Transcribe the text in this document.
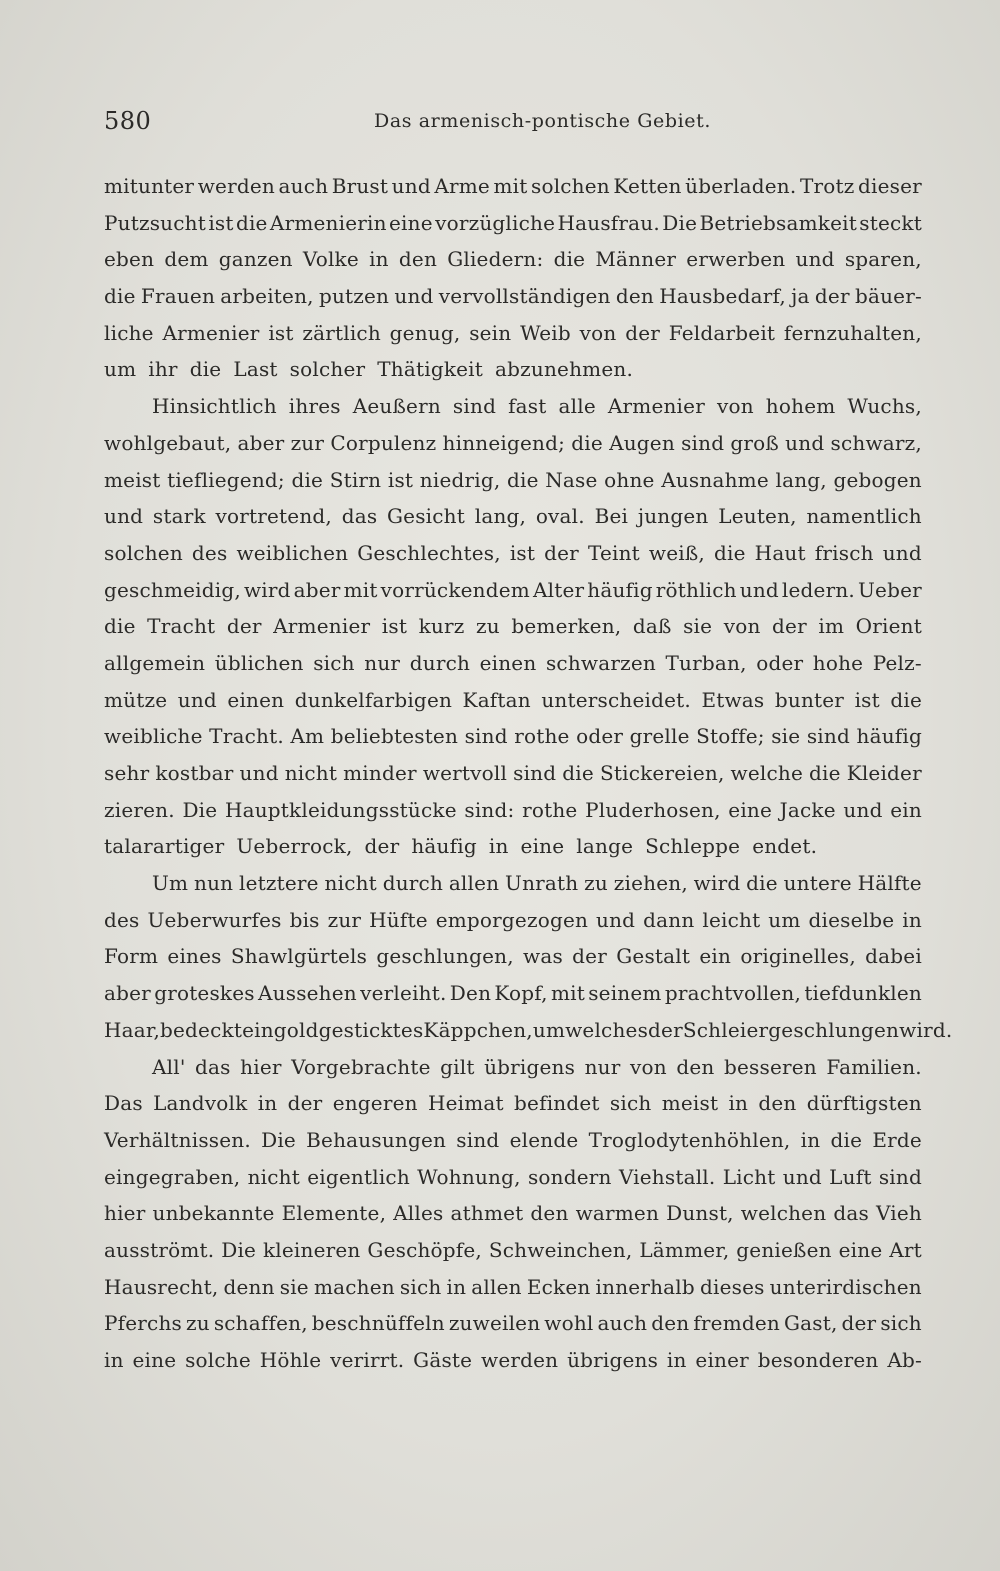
580	Das armenisch-pontische Gebiet.
mitunter werden auch Brust und Arme mit solchen Ketten überladen. Trotz dieser
Putzsucht ist die Armenierin eine vorzügliche Hausfrau. Die Betriebsamkeit steckt
eben dem ganzen Volke in den Gliedern: die Männer erwerben und sparen,
die Frauen arbeiten, putzen und vervollständigen den Hausbedarf, ja der bäuer-
liche Armenier ist zärtlich genug, sein Weib von der Feldarbeit fernzuhalten,
um ihr die Last solcher Thätigkeit abzunehmen.
Hinsichtlich ihres Aeußern sind fast alle Armenier von hohem Wuchs,
wohlgebaut, aber zur Corpulenz hinneigend; die Augen sind groß und schwarz,
meist tiefliegend; die Stirn ist niedrig, die Nase ohne Ausnahme lang, gebogen
und stark vortretend, das Gesicht lang, oval. Bei jungen Leuten, namentlich
solchen des weiblichen Geschlechtes, ist der Teint weiß, die Haut frisch und
geschmeidig, wird aber mit vorrückendem Alter häufig röthlich und ledern. Ueber
die Tracht der Armenier ist kurz zu bemerken, daß sie von der im Orient
allgemein üblichen sich nur durch einen schwarzen Turban, oder hohe Pelz-
mütze und einen dunkelfarbigen Kaftan unterscheidet. Etwas bunter ist die
weibliche Tracht. Am beliebtesten sind rothe oder grelle Stoffe; sie sind häufig
sehr kostbar und nicht minder wertvoll sind die Stickereien, welche die Kleider
zieren. Die Hauptkleidungsstücke sind: rothe Pluderhosen, eine Jacke und ein
talarartiger Ueberrock, der häufig in eine lange Schleppe endet.
Um nun letztere nicht durch allen Unrath zu ziehen, wird die untere Hälfte
des Ueberwurfes bis zur Hüfte emporgezogen und dann leicht um dieselbe in
Form eines Shawlgürtels geschlungen, was der Gestalt ein originelles, dabei
aber groteskes Aussehen verleiht. Den Kopf, mit seinem prachtvollen, tiefdunklen
Haar, bedeckt ein goldgesticktes Käppchen, um welches der Schleier geschlungen wird.
All' das hier Vorgebrachte gilt übrigens nur von den besseren Familien.
Das Landvolk in der engeren Heimat befindet sich meist in den dürftigsten
Verhältnissen. Die Behausungen sind elende Troglodytenhöhlen, in die Erde
eingegraben, nicht eigentlich Wohnung, sondern Viehstall. Licht und Luft sind
hier unbekannte Elemente, Alles athmet den warmen Dunst, welchen das Vieh
ausströmt. Die kleineren Geschöpfe, Schweinchen, Lämmer, genießen eine Art
Hausrecht, denn sie machen sich in allen Ecken innerhalb dieses unterirdischen
Pferchs zu schaffen, beschnüffeln zuweilen wohl auch den fremden Gast, der sich
in eine solche Höhle verirrt. Gäste werden übrigens in einer besonderen Ab-
